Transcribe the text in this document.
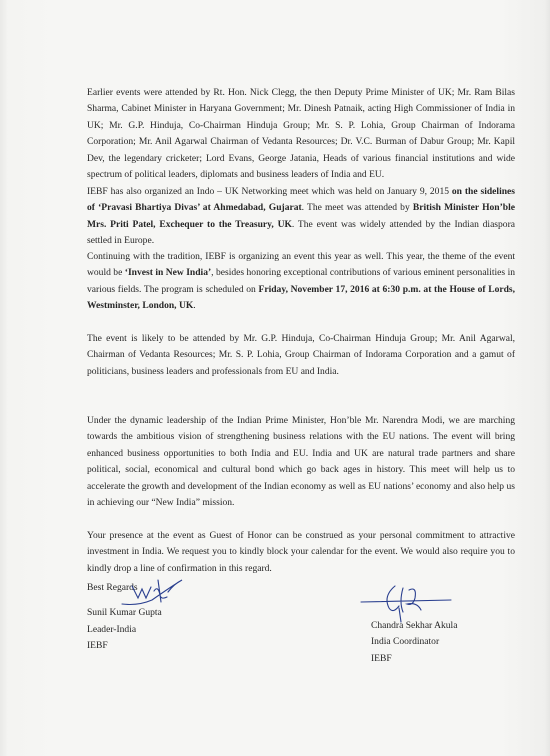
Earlier events were attended by Rt. Hon. Nick Clegg, the then Deputy Prime Minister of UK; Mr. Ram Bilas Sharma, Cabinet Minister in Haryana Government; Mr. Dinesh Patnaik, acting High Commissioner of India in UK; Mr. G.P. Hinduja, Co-Chairman Hinduja Group; Mr. S. P. Lohia, Group Chairman of Indorama Corporation; Mr. Anil Agarwal Chairman of Vedanta Resources; Dr. V.C. Burman of Dabur Group; Mr. Kapil Dev, the legendary cricketer; Lord Evans, George Jatania, Heads of various financial institutions and wide spectrum of political leaders, diplomats and business leaders of India and EU.

IEBF has also organized an Indo – UK Networking meet which was held on January 9, 2015 on the sidelines of ‘Pravasi Bhartiya Divas’ at Ahmedabad, Gujarat. The meet was attended by British Minister Hon’ble Mrs. Priti Patel, Exchequer to the Treasury, UK. The event was widely attended by the Indian diaspora settled in Europe.

Continuing with the tradition, IEBF is organizing an event this year as well. This year, the theme of the event would be ‘Invest in New India’, besides honoring exceptional contributions of various eminent personalities in various fields. The program is scheduled on Friday, November 17, 2016 at 6:30 p.m. at the House of Lords, Westminster, London, UK.

The event is likely to be attended by Mr. G.P. Hinduja, Co-Chairman Hinduja Group; Mr. Anil Agarwal, Chairman of Vedanta Resources; Mr. S. P. Lohia, Group Chairman of Indorama Corporation and a gamut of politicians, business leaders and professionals from EU and India.

Under the dynamic leadership of the Indian Prime Minister, Hon’ble Mr. Narendra Modi, we are marching towards the ambitious vision of strengthening business relations with the EU nations. The event will bring enhanced business opportunities to both India and EU. India and UK are natural trade partners and share political, social, economical and cultural bond which go back ages in history. This meet will help us to accelerate the growth and development of the Indian economy as well as EU nations’ economy and also help us in achieving our “New India” mission.

Your presence at the event as Guest of Honor can be construed as your personal commitment to attractive investment in India. We request you to kindly block your calendar for the event. We would also require you to kindly drop a line of confirmation in this regard.

Best Regards
Sunil Kumar Gupta
Leader-India
IEBF
Chandra Sekhar Akula
India Coordinator
IEBF
